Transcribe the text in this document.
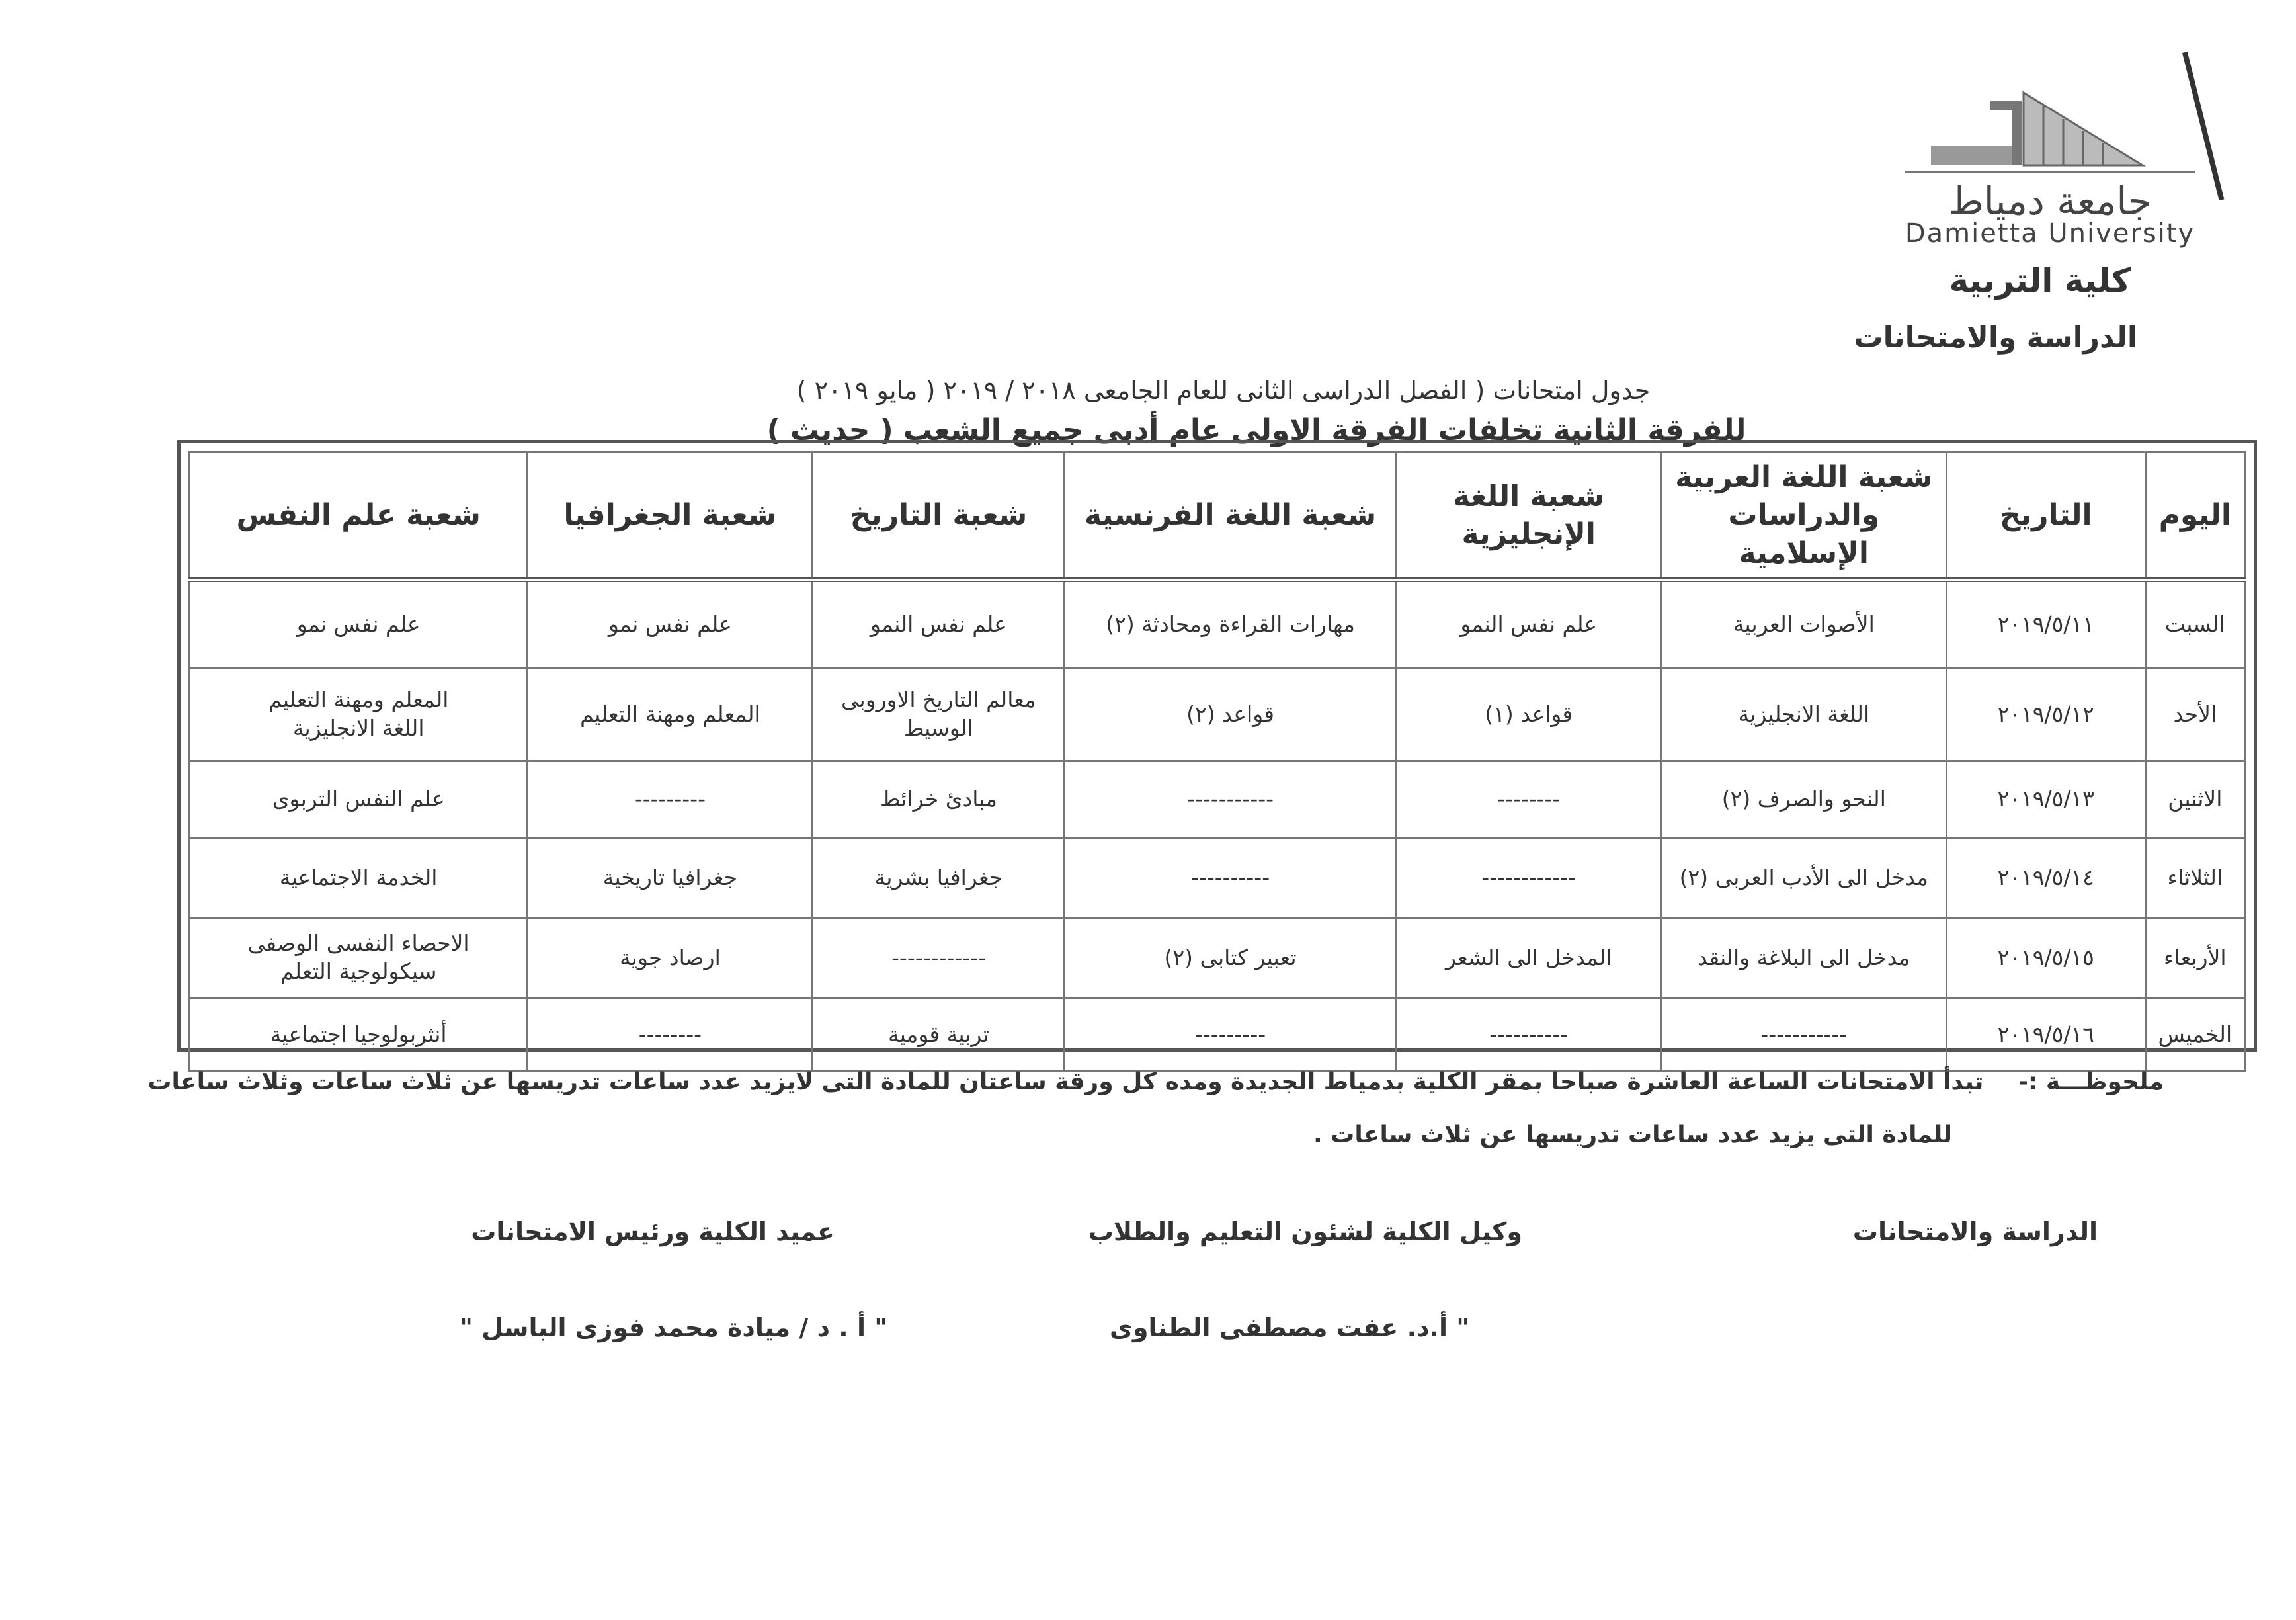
جامعة دمياط
Damietta University
كلية التربية
الدراسة والامتحانات
جدول امتحانات ( الفصل الدراسى الثانى للعام الجامعى ٢٠١٨ / ٢٠١٩ ( مايو ٢٠١٩ )
للفرقة الثانية تخلفات الفرقة الاولى عام أدبى جميع الشعب ( حديث )
اليوم	التاريخ	شعبة اللغة العربية والدراسات الإسلامية	شعبة اللغة الإنجليزية	شعبة اللغة الفرنسية	شعبة التاريخ	شعبة الجغرافيا	شعبة علم النفس
السبت	٢٠١٩/٥/١١	الأصوات العربية	علم نفس النمو	مهارات القراءة ومحادثة (٢)	علم نفس النمو	علم نفس نمو	علم نفس نمو
الأحد	٢٠١٩/٥/١٢	اللغة الانجليزية	قواعد (١)	قواعد (٢)	معالم التاريخ الاوروبى الوسيط	المعلم ومهنة التعليم	المعلم ومهنة التعليم
اللغة الانجليزية

الاثنين	٢٠١٩/٥/١٣	النحو والصرف (٢)	--------	-----------	مبادئ خرائط	---------	علم النفس التربوى
الثلاثاء	٢٠١٩/٥/١٤	مدخل الى الأدب العربى (٢)	------------	----------	جغرافيا بشرية	جغرافيا تاريخية	الخدمة الاجتماعية
الأربعاء	٢٠١٩/٥/١٥	مدخل الى البلاغة والنقد	المدخل الى الشعر	تعبير كتابى (٢)	------------	ارصاد جوية	الاحصاء النفسى الوصفى
سيكولوجية التعلم

الخميس	٢٠١٩/٥/١٦	-----------	----------	---------	تربية قومية	--------	أنثربولوجيا اجتماعية
ملحوظـــة :- تبدأ الامتحانات الساعة العاشرة صباحا بمقر الكلية بدمياط الجديدة ومده كل ورقة ساعتان للمادة التى لايزيد عدد ساعات تدريسها عن ثلاث ساعات وثلاث ساعات
للمادة التى يزيد عدد ساعات تدريسها عن ثلاث ساعات .
الدراسة والامتحانات
وكيل الكلية لشئون التعليم والطلاب
عميد الكلية ورئيس الامتحانات
" أ.د. عفت مصطفى الطناوى
" أ . د / ميادة محمد فوزى الباسل "
